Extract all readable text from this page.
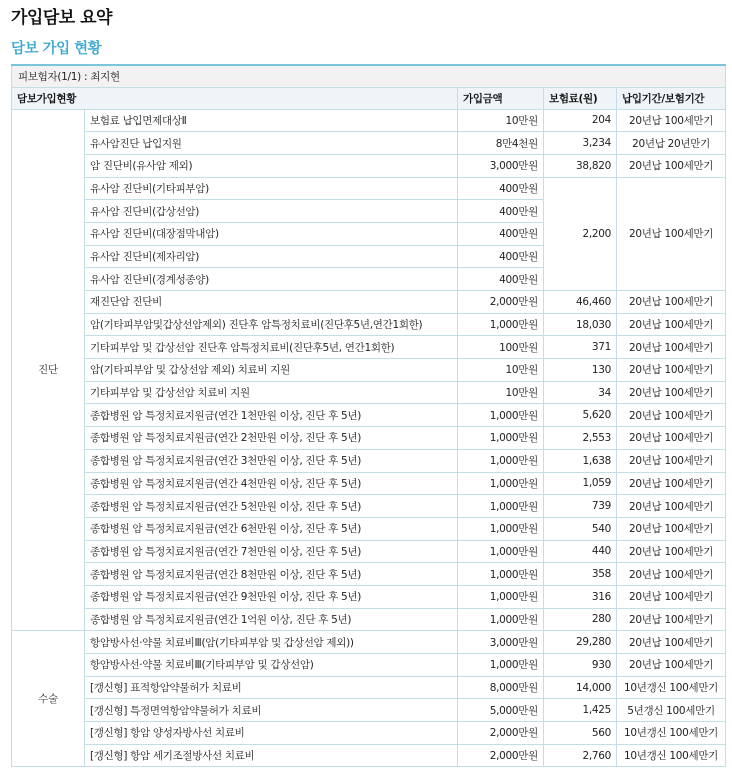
가입담보 요약
담보 가입 현황
피보험자(1/1) : 최지현				
담보가입현황		가입금액	보험료(원)	납입기간/보험기간
진단	보험료 납입면제대상Ⅱ	10만원	204	20년납 100세만기
	유사암진단 납입지원	8만4천원	3,234	20년납 20년만기
	암 진단비(유사암 제외)	3,000만원	38,820	20년납 100세만기
	유사암 진단비(기타피부암)	400만원	2,200	20년납 100세만기
	유사암 진단비(갑상선암)	400만원		
	유사암 진단비(대장점막내암)	400만원		
	유사암 진단비(제자리암)	400만원		
	유사암 진단비(경계성종양)	400만원		
	재진단암 진단비	2,000만원	46,460	20년납 100세만기
	암(기타피부암및갑상선암제외) 진단후 암특정치료비(진단후5년,연간1회한)	1,000만원	18,030	20년납 100세만기
	기타피부암 및 갑상선암 진단후 암특정치료비(진단후5년, 연간1회한)	100만원	371	20년납 100세만기
	암(기타피부암 및 갑상선암 제외) 치료비 지원	10만원	130	20년납 100세만기
	기타피부암 및 갑상선암 치료비 지원	10만원	34	20년납 100세만기
	종합병원 암 특정치료지원금(연간 1천만원 이상, 진단 후 5년)	1,000만원	5,620	20년납 100세만기
	종합병원 암 특정치료지원금(연간 2천만원 이상, 진단 후 5년)	1,000만원	2,553	20년납 100세만기
	종합병원 암 특정치료지원금(연간 3천만원 이상, 진단 후 5년)	1,000만원	1,638	20년납 100세만기
	종합병원 암 특정치료지원금(연간 4천만원 이상, 진단 후 5년)	1,000만원	1,059	20년납 100세만기
	종합병원 암 특정치료지원금(연간 5천만원 이상, 진단 후 5년)	1,000만원	739	20년납 100세만기
	종합병원 암 특정치료지원금(연간 6천만원 이상, 진단 후 5년)	1,000만원	540	20년납 100세만기
	종합병원 암 특정치료지원금(연간 7천만원 이상, 진단 후 5년)	1,000만원	440	20년납 100세만기
	종합병원 암 특정치료지원금(연간 8천만원 이상, 진단 후 5년)	1,000만원	358	20년납 100세만기
	종합병원 암 특정치료지원금(연간 9천만원 이상, 진단 후 5년)	1,000만원	316	20년납 100세만기
	종합병원 암 특정치료지원금(연간 1억원 이상, 진단 후 5년)	1,000만원	280	20년납 100세만기
수술	항암방사선·약물 치료비Ⅲ(암(기타피부암 및 갑상선암 제외))	3,000만원	29,280	20년납 100세만기
	항암방사선·약물 치료비Ⅲ(기타피부암 및 갑상선암)	1,000만원	930	20년납 100세만기
	[갱신형] 표적항암약물허가 치료비	8,000만원	14,000	10년갱신 100세만기
	[갱신형] 특정면역항암약물허가 치료비	5,000만원	1,425	5년갱신 100세만기
	[갱신형] 항암 양성자방사선 치료비	2,000만원	560	10년갱신 100세만기
	[갱신형] 항암 세기조절방사선 치료비	2,000만원	2,760	10년갱신 100세만기
